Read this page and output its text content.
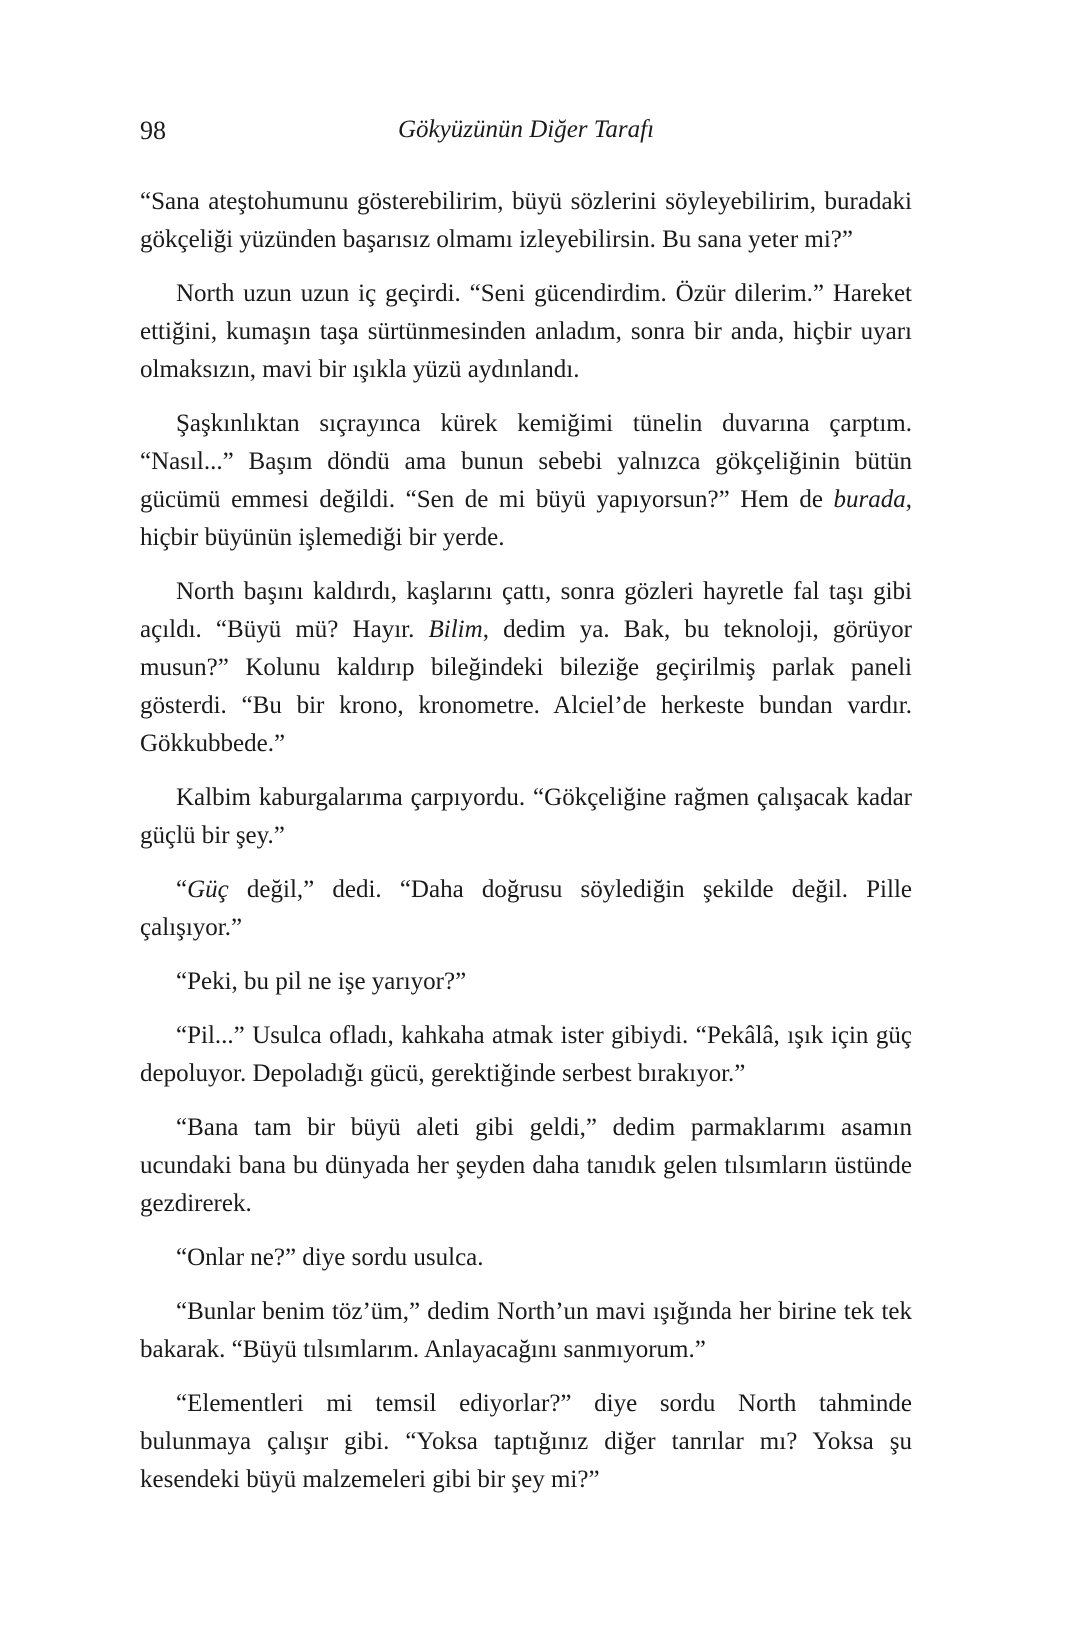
98	Gökyüzünün Diğer Tarafı

“Sana ateştohumunu gösterebilirim, büyü sözlerini söyleyebilirim, buradaki gökçeliği yüzünden başarısız olmamı izleyebilirsin. Bu sana yeter mi?”

North uzun uzun iç geçirdi. “Seni gücendirdim. Özür dilerim.” Hareket ettiğini, kumaşın taşa sürtünmesinden anladım, sonra bir anda, hiçbir uyarı olmaksızın, mavi bir ışıkla yüzü aydınlandı.

Şaşkınlıktan sıçrayınca kürek kemiğimi tünelin duvarına çarptım. “Nasıl...” Başım döndü ama bunun sebebi yalnızca gökçeliğinin bütün gücümü emmesi değildi. “Sen de mi büyü yapıyorsun?” Hem de burada, hiçbir büyünün işlemediği bir yerde.

North başını kaldırdı, kaşlarını çattı, sonra gözleri hayretle fal taşı gibi açıldı. “Büyü mü? Hayır. Bilim, dedim ya. Bak, bu teknoloji, görüyor musun?” Kolunu kaldırıp bileğindeki bileziğe geçirilmiş parlak paneli gösterdi. “Bu bir krono, kronometre. Alciel’de herkeste bundan vardır. Gökkubbede.”

Kalbim kaburgalarıma çarpıyordu. “Gökçeliğine rağmen çalışacak kadar güçlü bir şey.”

“Güç değil,” dedi. “Daha doğrusu söylediğin şekilde değil. Pille çalışıyor.”

“Peki, bu pil ne işe yarıyor?”

“Pil...” Usulca ofladı, kahkaha atmak ister gibiydi. “Pekâlâ, ışık için güç depoluyor. Depoladığı gücü, gerektiğinde serbest bırakıyor.”

“Bana tam bir büyü aleti gibi geldi,” dedim parmaklarımı asamın ucundaki bana bu dünyada her şeyden daha tanıdık gelen tılsımların üstünde gezdirerek.

“Onlar ne?” diye sordu usulca.

“Bunlar benim töz’üm,” dedim North’un mavi ışığında her birine tek tek bakarak. “Büyü tılsımlarım. Anlayacağını sanmıyorum.”

“Elementleri mi temsil ediyorlar?” diye sordu North tahminde bulunmaya çalışır gibi. “Yoksa taptığınız diğer tanrılar mı? Yoksa şu kesendeki büyü malzemeleri gibi bir şey mi?”
